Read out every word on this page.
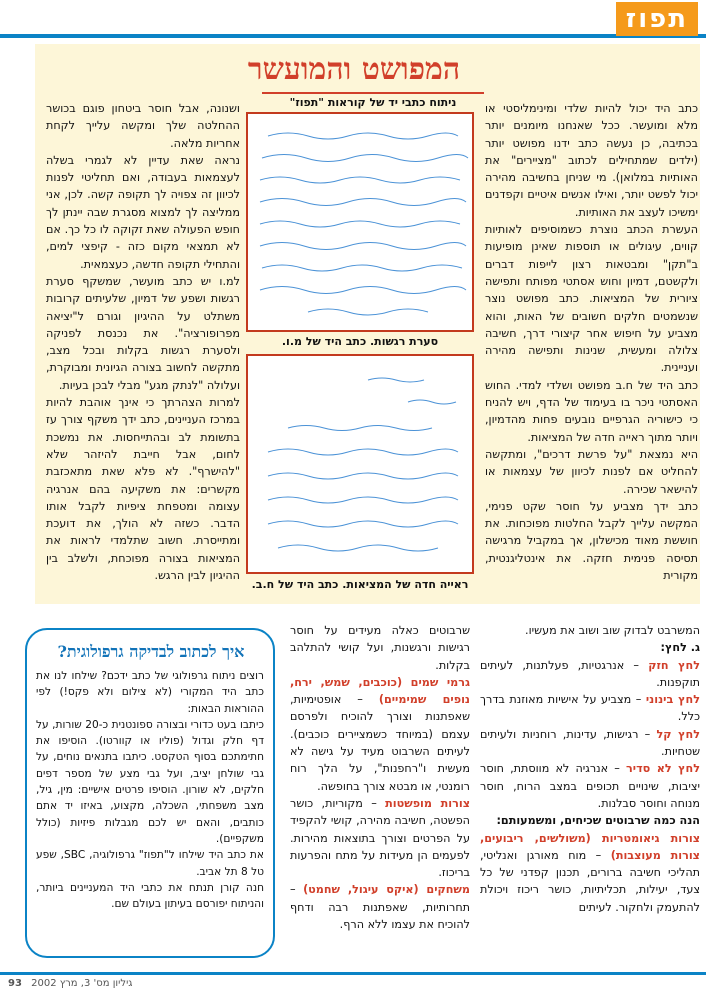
תפוז
המפושט והמועשר
ניתוח כתבי יד של קוראות "תפוז"	כתב היד יכול להיות שלדי ומינימליסטי או מלא ומועשר. ככל שאנחנו מיומנים יותר בכתיבה, כן נעשה כתב ידנו מפושט יותר (ילדים שמתחילים לכתוב "מציירים" את האותיות במלואן). מי שניחן בחשיבה מהירה יכול לפשט יותר, ואילו אנשים איטיים וקפדנים ימשיכו לעצב את האותיות.

העשרת הכתב נוצרת כשמוסיפים לאותיות קווים, עיגולים או תוספות שאינן מופיעות ב"תקן" ומבטאות רצון לייפות דברים ולקשטם, דמיון וחוש אסתטי מפותח ותפישה ציורית של המציאות. כתב מפושט נוצר שנשמטים חלקים חשובים של האות, והוא מצביע על חיפוש אחר קיצורי דרך, חשיבה צלולה ומעשית, שנינות ותפישה מהירה ועניינית.

כתב היד של ח.ב מפושט ושלדי למדי. החוש האסתטי ניכר בו בעימוד של הדף, ויש להניח כי כישוריה הגרפיים נובעים פחות מהדמיון, ויותר מתוך ראייה חדה של המציאות.

היא נמצאת "על פרשת דרכים", ומתקשה להחליט אם לפנות לכיוון של עצמאות או להישאר שכירה.

כתב ידך מצביע על חוסר שקט פנימי, המקשה עלייך לקבל החלטות מפוכחות. את חוששת מאוד מכישלון, אך במקביל מרגישה תסיסה פנימית חזקה. את אינטליגנטית, מקורית

סערת רגשות. כתב היד של מ.ו.
ראייה חדה של המציאות. כתב היד של ח.ב.

ושנונה, אבל חוסר ביטחון פוגם בכושר ההחלטה שלך ומקשה עלייך לקחת אחריות מלאה.

נראה שאת עדיין לא לגמרי בשלה לעצמאות בעבודה, ואם תחליטי לפנות לכיוון זה צפויה לך תקופה קשה. לכן, אני ממליצה לך למצוא מסגרת שבה יינתן לך חופש הפעולה שאת זקוקה לו כל כך. אם לא תמצאי מקום כזה - קיפצי למים, והתחילי תקופה חדשה, כעצמאית.

למ.ו יש כתב מועשר, שמשקף סערת רגשות ושפע של דמיון, שלעיתים קרובות משתלט על ההיגיון וגורם ל"יציאה מפרופורציה". את נכנסת לפניקה ולסערת רגשות בקלות ובכל מצב, מתקשה לחשוב בצורה הגיונית ומבוקרת, ועלולה "לנתק מגע" מבלי לבכן בעיות.

למרות הצהרתך כי אינך אוהבת להיות במרכז העניינים, כתב ידך משקף צורך עז בתשומת לב ובהתייחסות. את נמשכת לחום, אבל חייבת להיזהר שלא "להישרף". לא פלא שאת מתאכזבת מקשרים: את משקיעה בהם אנרגיה עצומה ומטפחת ציפיות לקבל אותו הדבר. כשזה לא הולך, את דועכת ומתייסרת. חשוב שתלמדי לראות את המציאות בצורה מפוכחת, ולשלב בין ההיגיון לבין הרגש.

המשרבט לבדוק שוב ושוב את מעשיו.

ג. לחץ:

לחץ חזק – אנרגטיות, פעלתנות, לעיתים תוקפנות.

לחץ בינוני – מצביע על אישיות מאוזנת בדרך כלל.

לחץ קל – רגישות, עדינות, רוחניות ולעיתים שטחיות.

לחץ לא סדיר – אנרגיה לא מווסתת, חוסר יציבות, שינויים תכופים במצב הרוח, חוסר מנוחה וחוסר סבלנות.

הנה כמה שרבוטים שכיחים, ומשמעותם:

צורות גיאומטריות (משולשים, ריבועים, צורות מעוצבות) – מוח מאורגן ואנליטי, תהליכי חשיבה ברורים, תכנון קפדני של כל צעד, יעילות, תכליתיות, כושר ריכוז ויכולת להתעמק ולחקור. לעיתים

שרבוטים כאלה מעידים על חוסר רגישות ורגשנות, ועל קושי להתלהב בקלות.

גרמי שמים (כוכבים, שמש, ירח, נופים שמימיים) – אופטימיות, שאפתנות וצורך להוכיח ולפרסם עצמם (במיוחד כשמציירים כוכבים). לעיתים השרבוט מעיד על גישה לא מעשית ו"רחפנות", על הלך רוח רומנטי, או מבטא צורך בחופשה.

צורות מופשטות – מקוריות, כושר הפשטה, חשיבה מהירה, קושי להקפיד על הפרטים וצורך בתוצאות מהירות. לפעמים הן מעידות על מתח והפרעות בריכוז.

משחקים (איקס עיגול, שחמט) – תחרותיות, שאפתנות רבה ודחף להוכיח את עצמו ללא הרף.

איך לכתוב לבדיקה גרפולוגית?

רוצים ניתוח גרפולוגי של כתב ידכם? שילחו לנו את כתב היד המקורי (לא צילום ולא פקס!) לפי ההוראות הבאות:

כיתבו בעט כדורי ובצורה ספונטנית כ-20 שורות, על דף חלק וגדול (פוליו או קוורטו). הוסיפו את חתימתכם בסוף הטקסט. כיתבו בתנאים נוחים, על גבי שולחן יציב, ועל גבי מצע של מספר דפים חלקים, לא שורון. הוסיפו פרטים אישיים: מין, גיל, מצב משפחתי, השכלה, מקצוע, באיזו יד אתם כותבים, והאם יש לכם מגבלות פיזיות (כולל משקפיים).

את כתב היד שילחו ל"תפוז" גרפולוגיה, SBC, שפע טל 8 תל אביב.

חנה קורן תנתח את כתבי היד המעניינים ביותר, והניתוח יפורסם בעיתון בעולם שם.

93 גיליון מס' 3, מרץ 2002
